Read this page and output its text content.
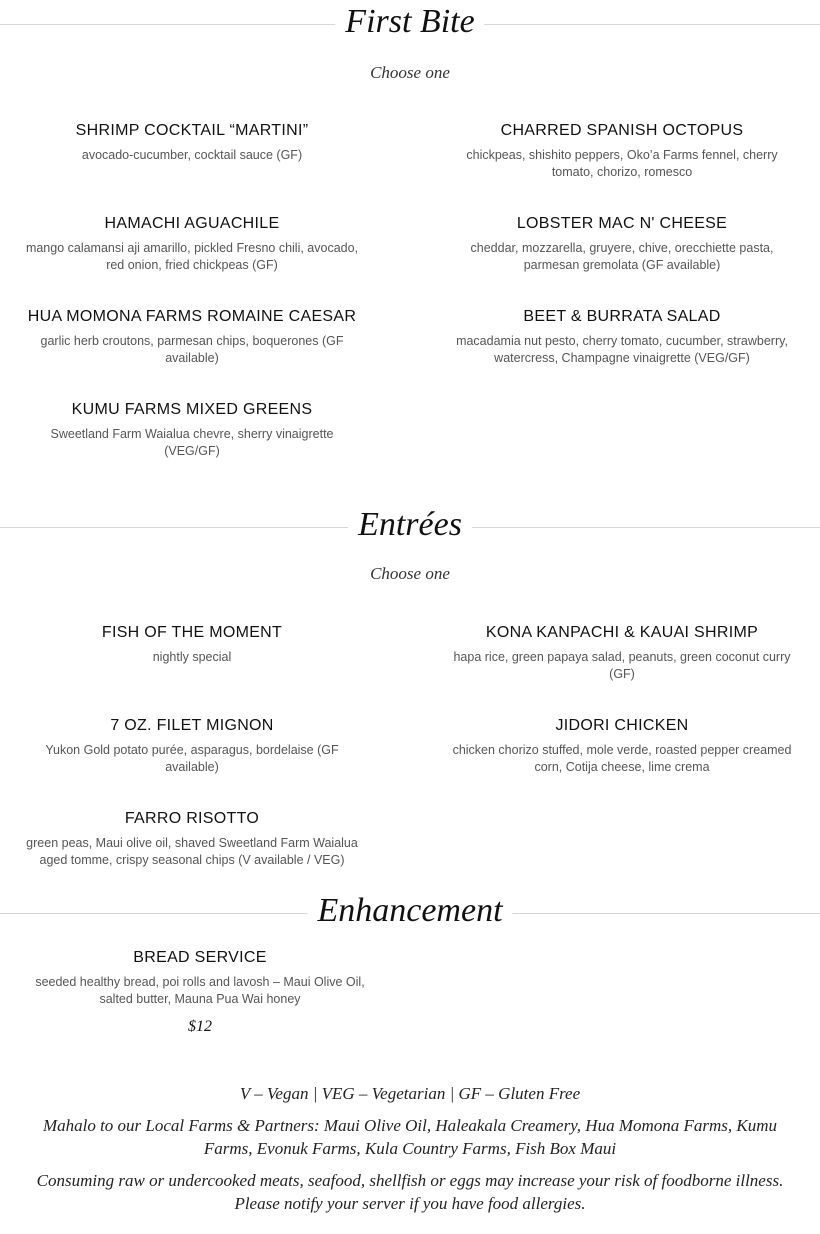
First Bite
Choose one
SHRIMP COCKTAIL “MARTINI”
avocado-cucumber, cocktail sauce (GF)
CHARRED SPANISH OCTOPUS
chickpeas, shishito peppers, Oko’a Farms fennel, cherry tomato, chorizo, romesco
HAMACHI AGUACHILE
mango calamansi aji amarillo, pickled Fresno chili, avocado, red onion, fried chickpeas (GF)
LOBSTER MAC N' CHEESE
cheddar, mozzarella, gruyere, chive, orecchiette pasta, parmesan gremolata (GF available)
HUA MOMONA FARMS ROMAINE CAESAR
garlic herb croutons, parmesan chips, boquerones (GF available)
BEET & BURRATA SALAD
macadamia nut pesto, cherry tomato, cucumber, strawberry, watercress, Champagne vinaigrette (VEG/GF)
KUMU FARMS MIXED GREENS
Sweetland Farm Waialua chevre, sherry vinaigrette (VEG/GF)
Entrées
Choose one
FISH OF THE MOMENT
nightly special
KONA KANPACHI & KAUAI SHRIMP
hapa rice, green papaya salad, peanuts, green coconut curry (GF)
7 OZ. FILET MIGNON
Yukon Gold potato purée, asparagus, bordelaise (GF available)
JIDORI CHICKEN
chicken chorizo stuffed, mole verde, roasted pepper creamed corn, Cotija cheese, lime crema
FARRO RISOTTO
green peas, Maui olive oil, shaved Sweetland Farm Waialua aged tomme, crispy seasonal chips (V available / VEG)
Enhancement
BREAD SERVICE
seeded healthy bread, poi rolls and lavosh – Maui Olive Oil, salted butter, Mauna Pua Wai honey
$12
V – Vegan | VEG – Vegetarian | GF – Gluten Free
Mahalo to our Local Farms & Partners: Maui Olive Oil, Haleakala Creamery, Hua Momona Farms, Kumu Farms, Evonuk Farms, Kula Country Farms, Fish Box Maui
Consuming raw or undercooked meats, seafood, shellfish or eggs may increase your risk of foodborne illness. Please notify your server if you have food allergies.
